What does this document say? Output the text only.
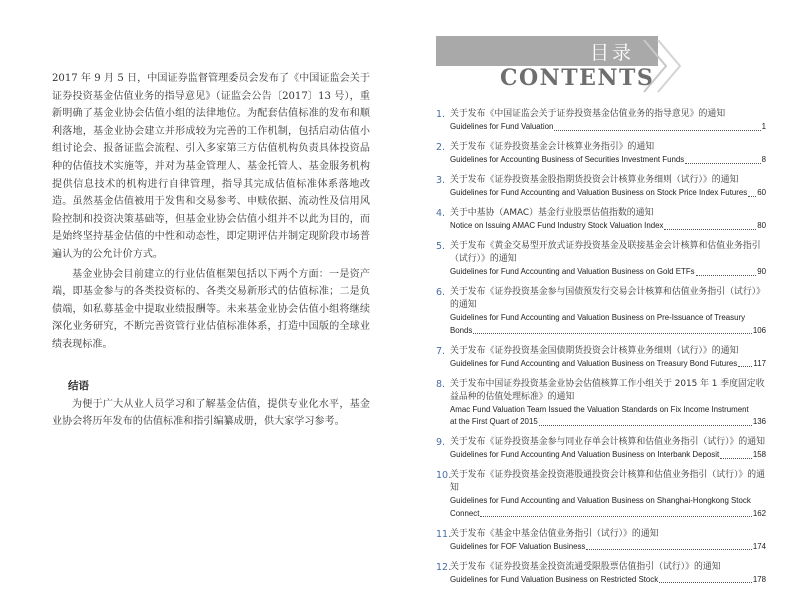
2017 年 9 月 5 日，中国证券监督管理委员会发布了《中国证监会关于证券投资基金估值业务的指导意见》（证监会公告〔2017〕13 号），重新明确了基金业协会估值小组的法律地位。为配套估值标准的发布和顺利落地，基金业协会建立并形成较为完善的工作机制，包括启动估值小组讨论会、报备证监会流程、引入多家第三方估值机构负责具体投资品种的估值技术实施等，并对为基金管理人、基金托管人、基金服务机构提供信息技术的机构进行自律管理，指导其完成估值标准体系落地改造。虽然基金估值被用于发售和交易参考、申赎依据、流动性及信用风险控制和投资决策基础等，但基金业协会估值小组并不以此为目的，而是始终坚持基金估值的中性和动态性，即定期评估并制定现阶段市场普遍认为的公允计价方式。

基金业协会目前建立的行业估值框架包括以下两个方面：一是资产端，即基金参与的各类投资标的、各类交易新形式的估值标准；二是负债端，如私募基金中提取业绩报酬等。未来基金业协会估值小组将继续深化业务研究，不断完善资管行业估值标准体系，打造中国版的全球业绩表现标准。

结语

为便于广大从业人员学习和了解基金估值，提供专业化水平，基金业协会将历年发布的估值标准和指引编纂成册，供大家学习参考。

目录
CONTENTS
1. 关于发布《中国证监会关于证券投资基金估值业务的指导意见》的通知
Guidelines for Fund Valuation	1
2. 关于发布《证券投资基金会计核算业务指引》的通知
Guidelines for Accounting Business of Securities Investment Funds	8
3. 关于发布《证券投资基金股指期货投资会计核算业务细则（试行）》的通知
Guidelines for Fund Accounting and Valuation Business on Stock Price Index Futures 60
4. 关于中基协（AMAC）基金行业股票估值指数的通知
Notice on Issuing AMAC Fund Industry Stock Valuation Index	80
5. 关于发布《黄金交易型开放式证券投资基金及联接基金会计核算和估值业务指引（试行）》的通知
Guidelines for Fund Accounting and Valuation Business on Gold ETFs	90
6. 关于发布《证券投资基金参与国债预发行交易会计核算和估值业务指引（试行）》的通知
Guidelines for Fund Accounting and Valuation Business on Pre-Issuance of Treasury
Bonds	106
7. 关于发布《证券投资基金国债期货投资会计核算业务细则（试行）》的通知
Guidelines for Fund Accounting and Valuation Business on Treasury Bond Futures 117
8. 关于发布中国证券投资基金业协会估值核算工作小组关于 2015 年 1 季度固定收益品种的估值处理标准》的通知
Amac Fund Valuation Team Issued the Valuation Standards on Fix Income Instrument
at the First Quart of 2015	136
9. 关于发布《证券投资基金参与同业存单会计核算和估值业务指引（试行）》的通知
Guidelines for Fund Accounting And Valuation Business on Interbank Deposit	158
10.
关于发布《证券投资基金投资港股通投资会计核算和估值业务指引（试行）》的通知
Guidelines for Fund Accounting and Valuation Business on Shanghai-Hongkong Stock
Connect	162
11.
关于发布《基金中基金估值业务指引（试行）》的通知
Guidelines for FOF Valuation Business	174
12.
关于发布《证券投资基金投资流通受限股票估值指引（试行）》的通知
Guidelines for Fund Valuation Business on Restricted Stock	178
